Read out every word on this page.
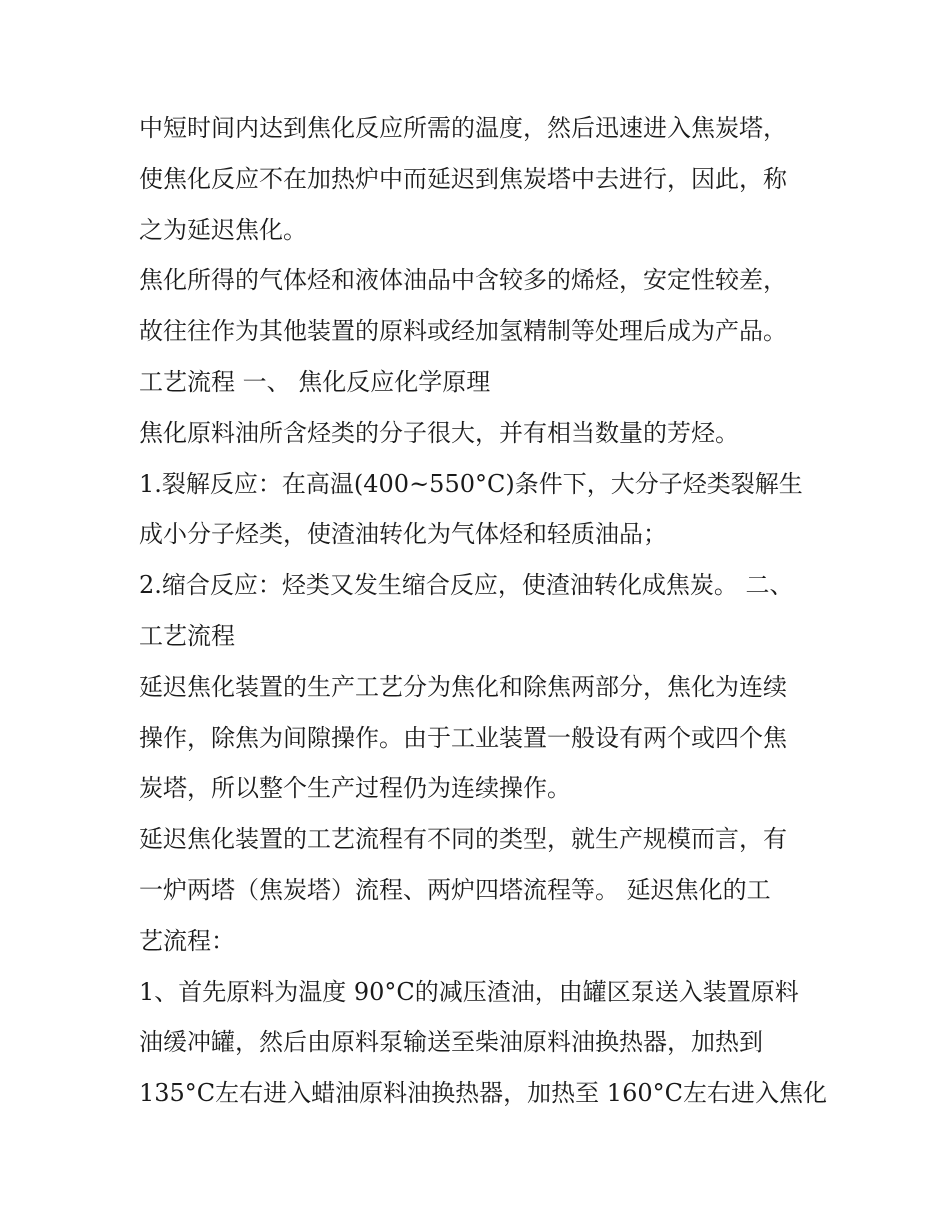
中短时间内达到焦化反应所需的温度，然后迅速进入焦炭塔，
使焦化反应不在加热炉中而延迟到焦炭塔中去进行，因此，称
之为延迟焦化。
焦化所得的气体烃和液体油品中含较多的烯烃，安定性较差，
故往往作为其他装置的原料或经加氢精制等处理后成为产品。
工艺流程 一、 焦化反应化学原理
焦化原料油所含烃类的分子很大，并有相当数量的芳烃。
1.裂解反应：在高温(400~550°C)条件下，大分子烃类裂解生
成小分子烃类，使渣油转化为气体烃和轻质油品；
2.缩合反应：烃类又发生缩合反应，使渣油转化成焦炭。 二、
工艺流程
延迟焦化装置的生产工艺分为焦化和除焦两部分，焦化为连续
操作，除焦为间隙操作。由于工业装置一般设有两个或四个焦
炭塔，所以整个生产过程仍为连续操作。
延迟焦化装置的工艺流程有不同的类型，就生产规模而言，有
一炉两塔（焦炭塔）流程、两炉四塔流程等。 延迟焦化的工
艺流程：
1、首先原料为温度 90°C的减压渣油，由罐区泵送入装置原料
油缓冲罐，然后由原料泵输送至柴油原料油换热器，加热到
135°C左右进入蜡油原料油换热器，加热至 160°C左右进入焦化
